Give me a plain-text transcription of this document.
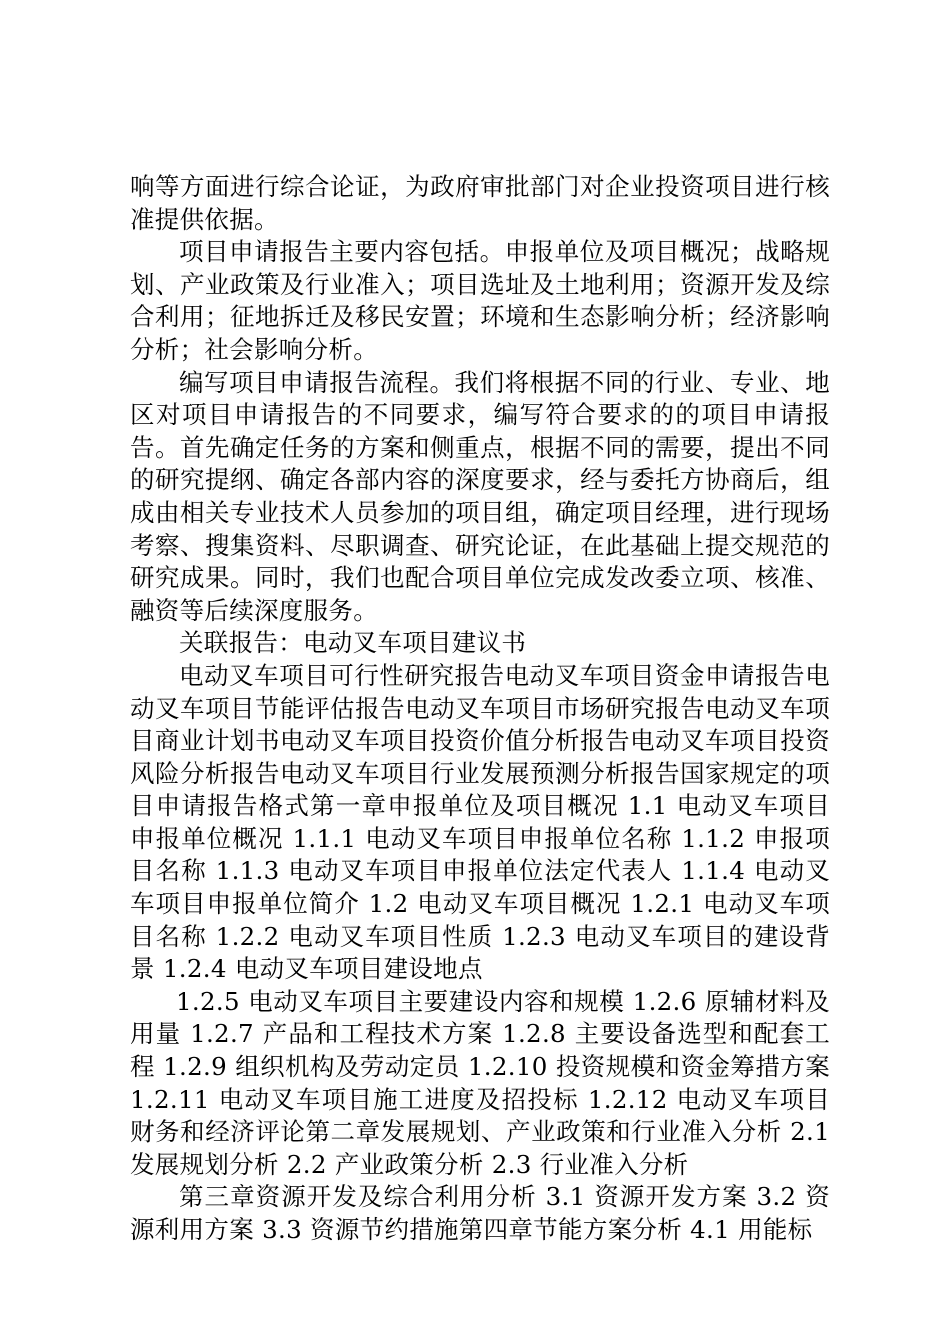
响等方面进行综合论证，为政府审批部门对企业投资项目进行核准提供依据。

项目申请报告主要内容包括。申报单位及项目概况；战略规划、产业政策及行业准入；项目选址及土地利用；资源开发及综合利用；征地拆迁及移民安置；环境和生态影响分析；经济影响分析；社会影响分析。

编写项目申请报告流程。我们将根据不同的行业、专业、地区对项目申请报告的不同要求，编写符合要求的的项目申请报告。首先确定任务的方案和侧重点，根据不同的需要，提出不同的研究提纲、确定各部内容的深度要求，经与委托方协商后，组成由相关专业技术人员参加的项目组，确定项目经理，进行现场考察、搜集资料、尽职调查、研究论证，在此基础上提交规范的研究成果。同时，我们也配合项目单位完成发改委立项、核准、融资等后续深度服务。

关联报告：电动叉车项目建议书

电动叉车项目可行性研究报告电动叉车项目资金申请报告电动叉车项目节能评估报告电动叉车项目市场研究报告电动叉车项目商业计划书电动叉车项目投资价值分析报告电动叉车项目投资风险分析报告电动叉车项目行业发展预测分析报告国家规定的项目申请报告格式第一章申报单位及项目概况 1.1 电动叉车项目申报单位概况 1.1.1 电动叉车项目申报单位名称 1.1.2 申报项目名称 1.1.3 电动叉车项目申报单位法定代表人 1.1.4 电动叉车项目申报单位简介 1.2 电动叉车项目概况 1.2.1 电动叉车项目名称 1.2.2 电动叉车项目性质 1.2.3 电动叉车项目的建设背景 1.2.4 电动叉车项目建设地点

1.2.5 电动叉车项目主要建设内容和规模 1.2.6 原辅材料及用量 1.2.7 产品和工程技术方案 1.2.8 主要设备选型和配套工程 1.2.9 组织机构及劳动定员 1.2.10 投资规模和资金筹措方案 1.2.11 电动叉车项目施工进度及招投标 1.2.12 电动叉车项目财务和经济评论第二章发展规划、产业政策和行业准入分析 2.1 发展规划分析 2.2 产业政策分析 2.3 行业准入分析

第三章资源开发及综合利用分析 3.1 资源开发方案 3.2 资源利用方案 3.3 资源节约措施第四章节能方案分析 4.1 用能标
